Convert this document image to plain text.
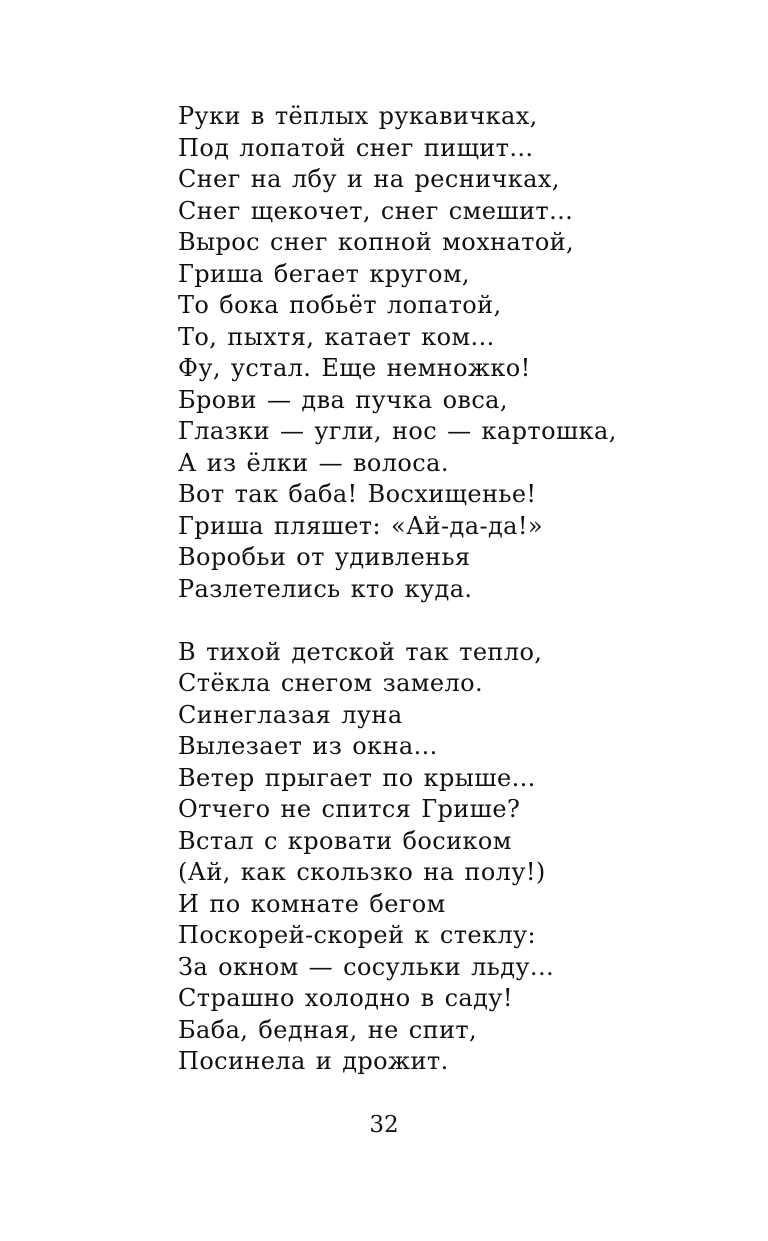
Руки в тёплых рукавичках,
Под лопатой снег пищит...
Снег на лбу и на ресничках,
Снег щекочет, снег смешит...
Вырос снег копной мохнатой,
Гриша бегает кругом,
То бока побьёт лопатой,
То, пыхтя, катает ком...
Фу, устал. Еще немножко!
Брови — два пучка овса,
Глазки — угли, нос — картошка,
А из ёлки — волоса.
Вот так баба! Восхищенье!
Гриша пляшет: «Ай-да-да!»
Воробьи от удивленья
Разлетелись кто куда.
В тихой детской так тепло,
Стёкла снегом замело.
Синеглазая луна
Вылезает из окна...
Ветер прыгает по крыше...
Отчего не спится Грише?
Встал с кровати босиком
(Ай, как скользко на полу!)
И по комнате бегом
Поскорей-скорей к стеклу:
За окном — сосульки льду...
Страшно холодно в саду!
Баба, бедная, не спит,
Посинела и дрожит.
32
